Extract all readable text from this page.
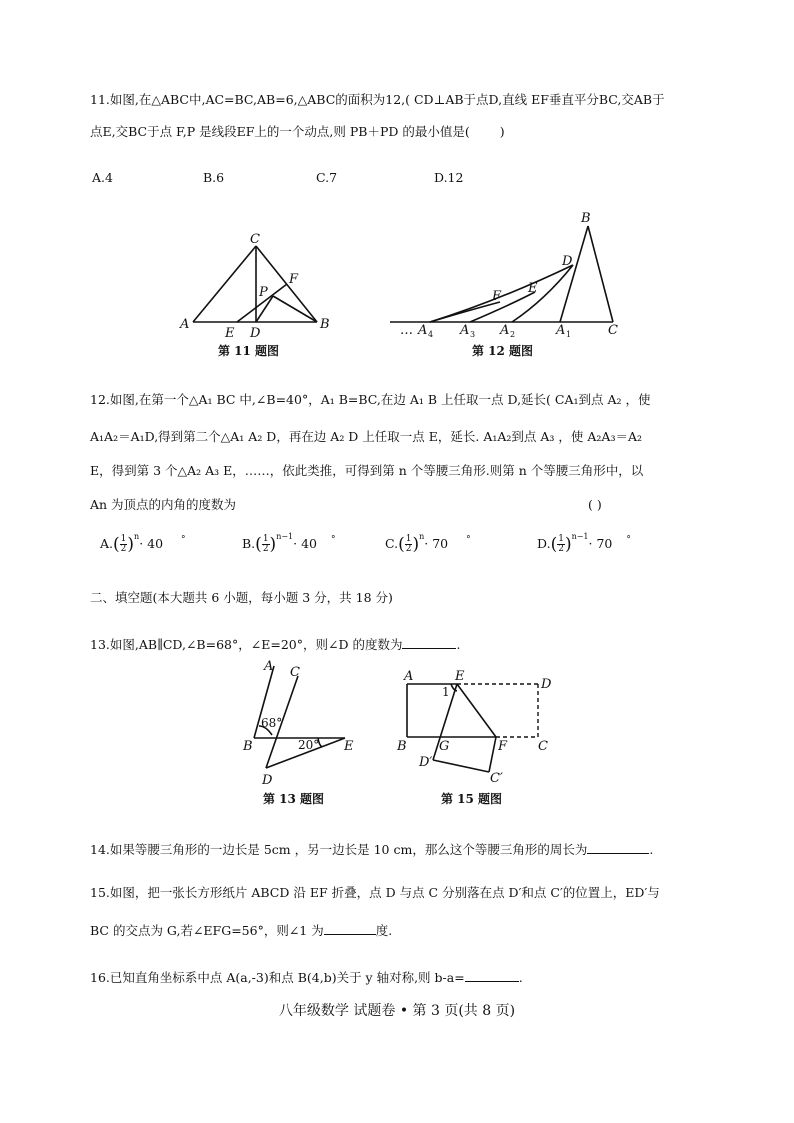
11.如图,在△ABC中,AC=BC,AB=6,△ABC的面积为12,( CD⊥AB于点D,直线 EF垂直平分BC,交AB于
点E,交BC于点 F,P 是线段EF上的一个动点,则 PB＋PD 的最小值是( )
A.4	B.6	C.7	D.12
A	B
C
D
E
F
P
第 11 题图
… A 4 A 3 A 2	A 1	C
B
D
E
F
第 12 题图
12.如图,在第一个△A₁ BC 中,∠B=40°，A₁ B=BC,在边 A₁ B 上任取一点 D,延长( CA₁到点 A₂ ，使
A₁A₂＝A₁D,得到第二个△A₁ A₂ D，再在边 A₂ D 上任取一点 E，延长. A₁A₂到点 A₃ ，使 A₂A₃＝A₂
E，得到第 3 个△A₂ A₃ E，……，依此类推，可得到第 n 个等腰三角形.则第 n 个等腰三角形中，以
An 为顶点的内角的度数为	( )
$A.( \frac{1}{2} )^n\cdot 40$ °	$B.( \frac{1}{2} )^{n-1}\cdot 40$ °	$C.( \frac{1}{2} )^n\cdot 70$ °	$D.( \frac{1}{2} )^{n-1}\cdot 70$ °
二、填空题(本大题共 6 小题，每小题 3 分，共 18 分)
13.如图,AB∥CD,∠B=68°，∠E=20°，则∠D 的度数为	.
A C
B
D
E
68°
20°
第 13 题图
A	E
D
B G	F C
D′
C′
1
第 15 题图
14.如果等腰三角形的一边长是 5cm ，另一边长是 10 cm，那么这个等腰三角形的周长为	.
15.如图，把一张长方形纸片 ABCD 沿 EF 折叠，点 D 与点 C 分别落在点 D′和点 C′的位置上，ED′与
BC 的交点为 G,若∠EFG=56°，则∠1 为	度.
16.已知直角坐标系中点 A(a,-3)和点 B(4,b)关于 y 轴对称,则 b-a=	.
八年级数学 试题卷 • 第 3 页(共 8 页)
